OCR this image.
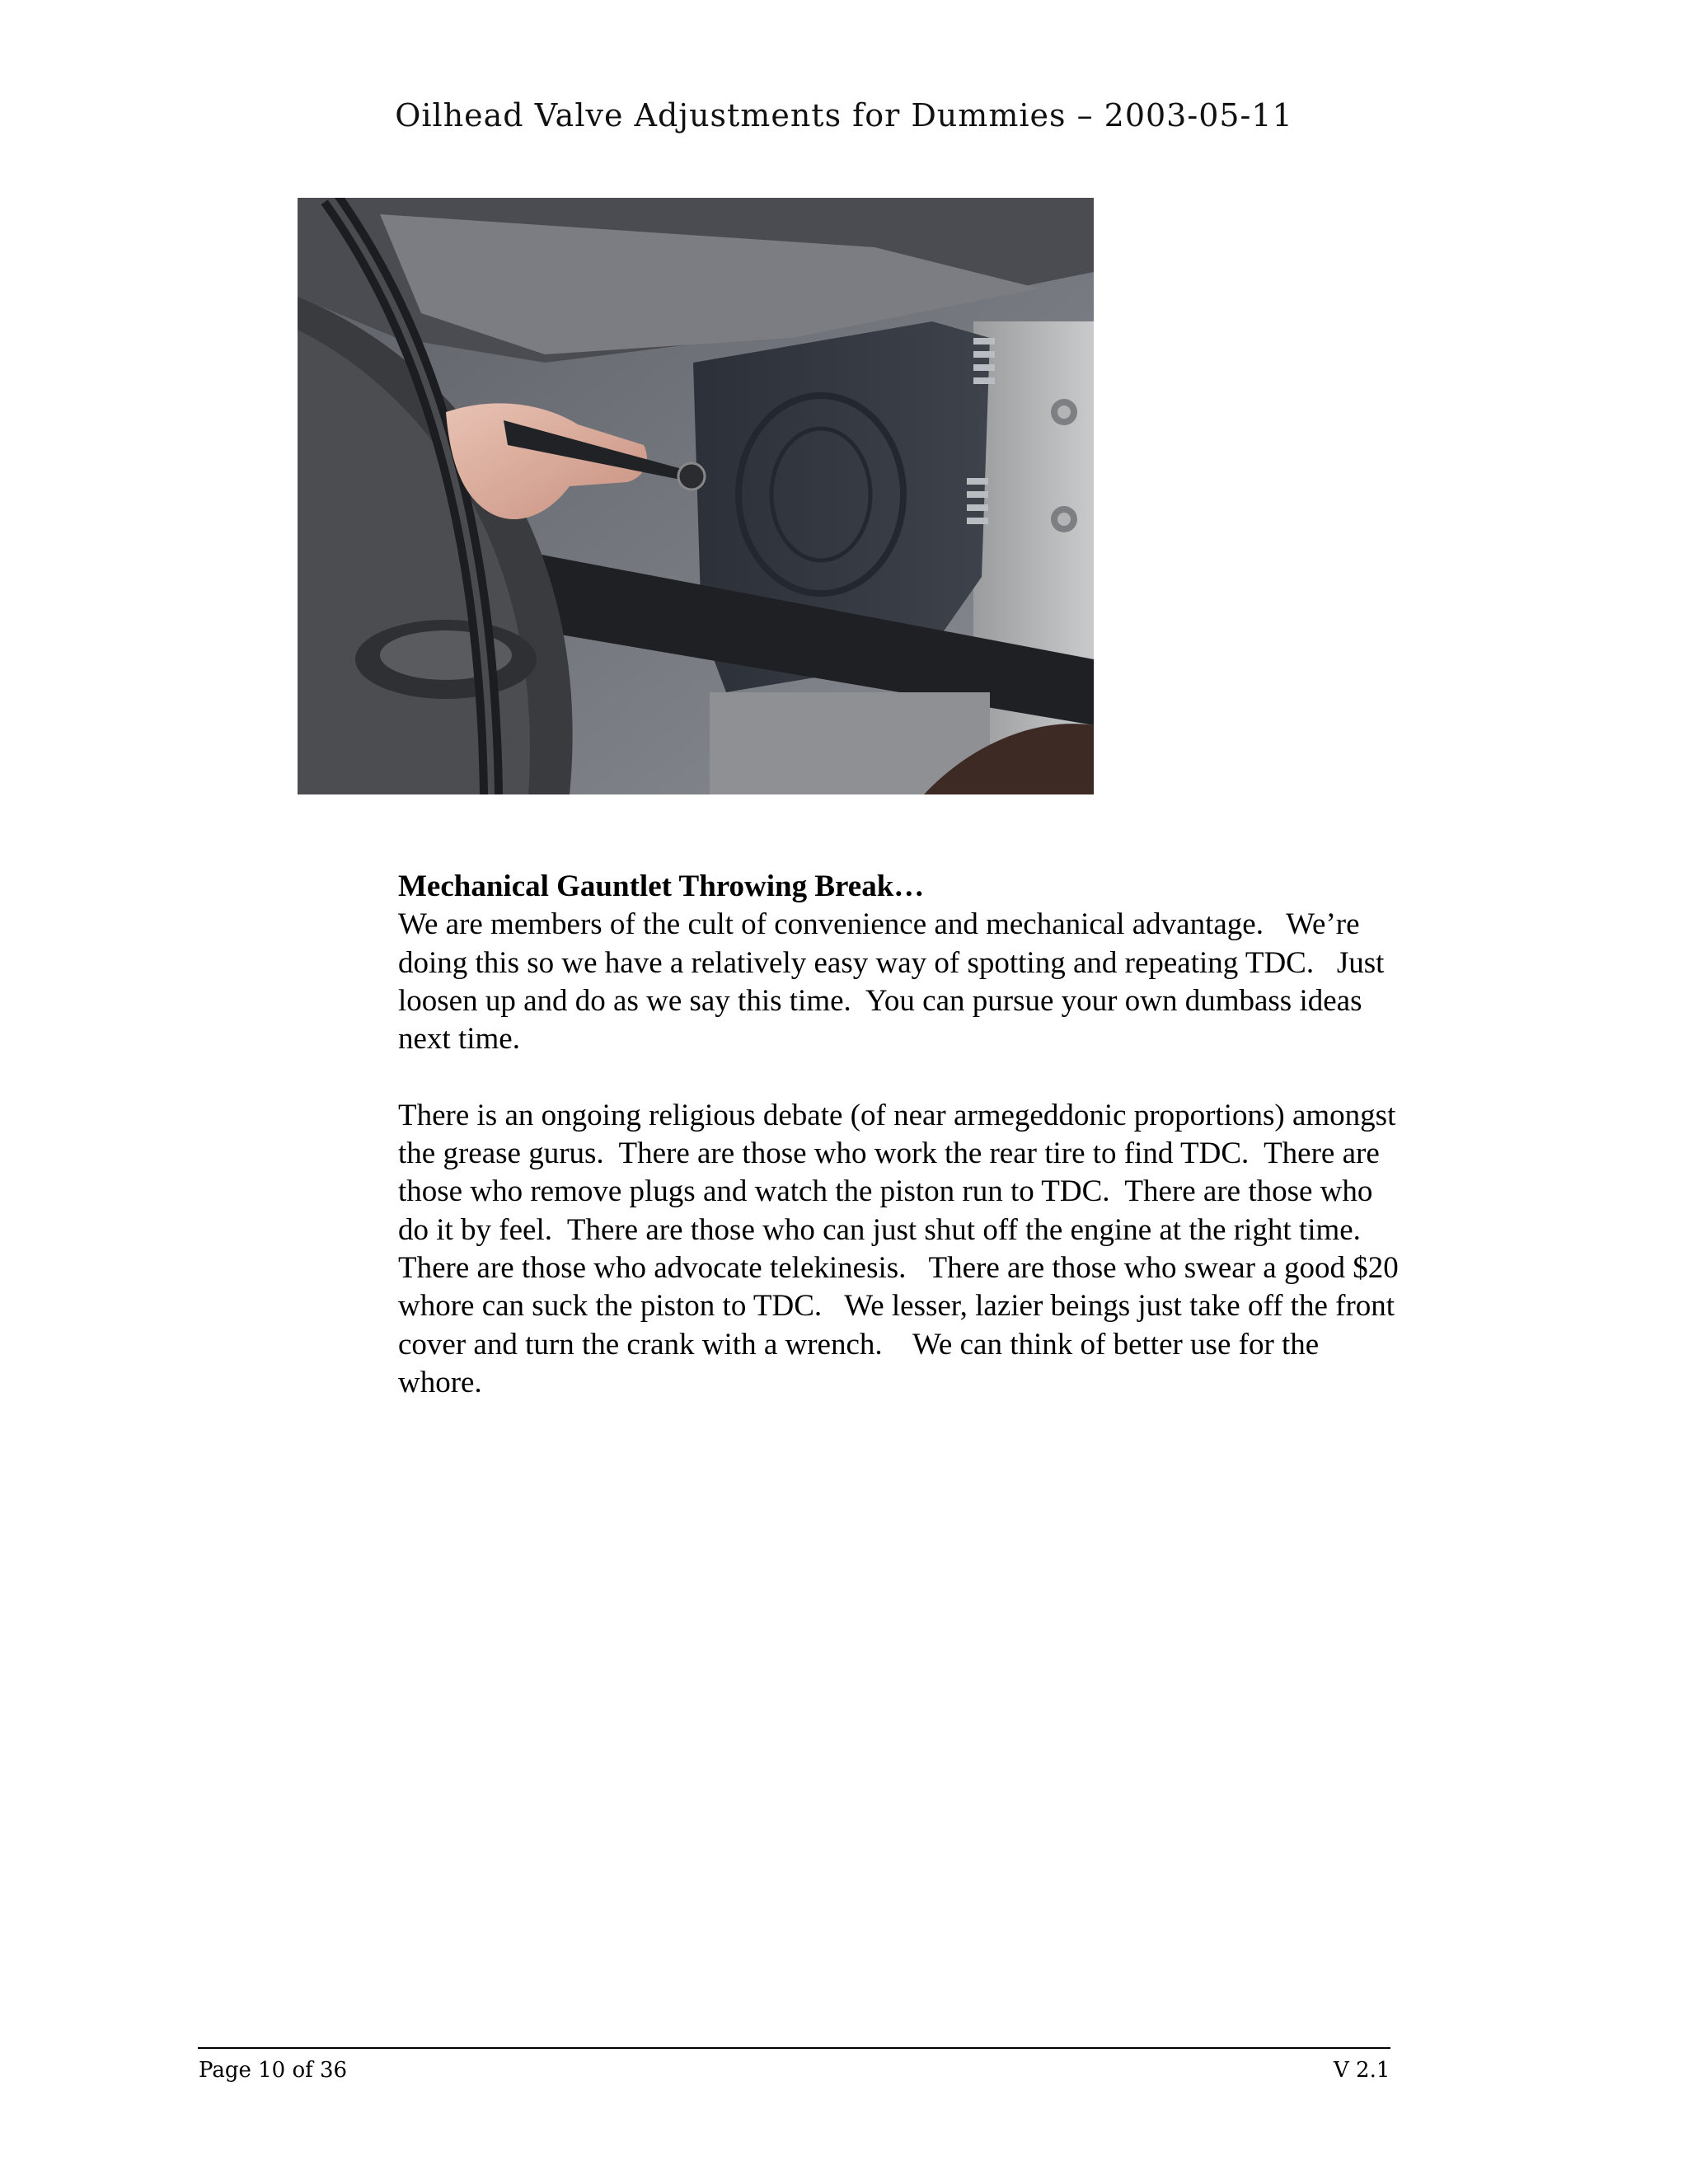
Oilhead Valve Adjustments for Dummies – 2003-05-11

Mechanical Gauntlet Throwing Break…

We are members of the cult of convenience and mechanical advantage.   We’re

doing this so we have a relatively easy way of spotting and repeating TDC.   Just

loosen up and do as we say this time.  You can pursue your own dumbass ideas

next time.

There is an ongoing religious debate (of near armegeddonic proportions) amongst

the grease gurus.  There are those who work the rear tire to find TDC.  There are

those who remove plugs and watch the piston run to TDC.  There are those who

do it by feel.  There are those who can just shut off the engine at the right time.

There are those who advocate telekinesis.   There are those who swear a good $20

whore can suck the piston to TDC.   We lesser, lazier beings just take off the front

cover and turn the crank with a wrench.    We can think of better use for the

whore.

Page 10 of 36	V 2.1
